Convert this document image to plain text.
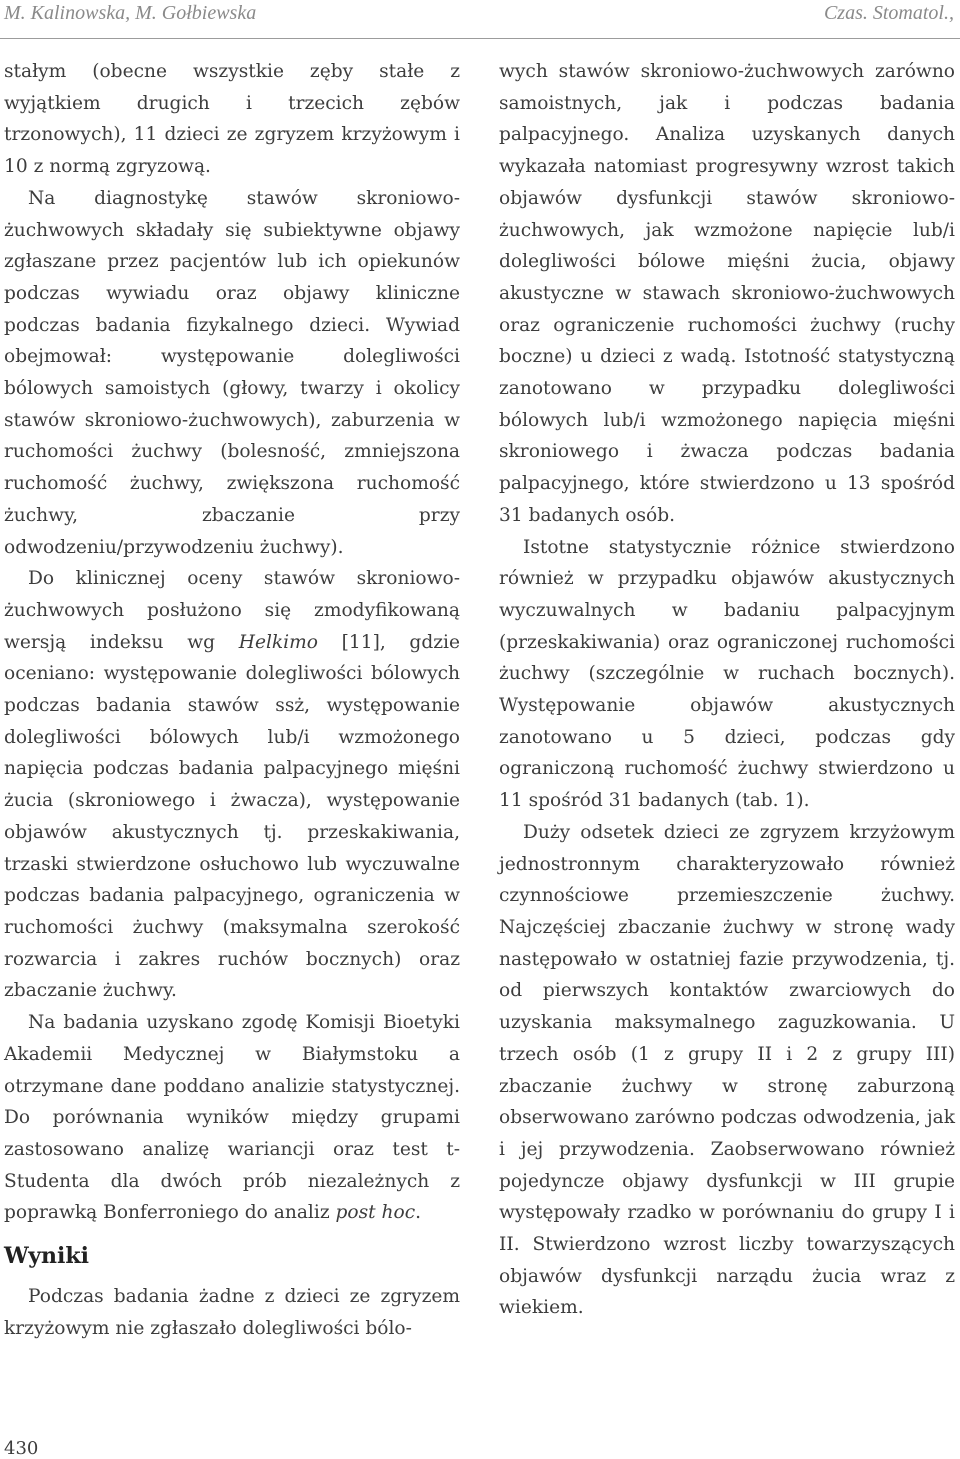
M. Kalinowska, M. Gołbiewska	Czas. Stomatol.,

stałym (obecne wszystkie zęby stałe z wyjątkiem drugich i trzecich zębów trzonowych), 11 dzieci ze zgryzem krzyżowym i 10 z normą zgryzową.

Na diagnostykę stawów skroniowo-żuchwowych składały się subiektywne objawy zgłaszane przez pacjentów lub ich opiekunów podczas wywiadu oraz objawy kliniczne podczas badania fizykalnego dzieci. Wywiad obejmował: występowanie dolegliwości bólowych samoistych (głowy, twarzy i okolicy stawów skroniowo-żuchwowych), zaburzenia w ruchomości żuchwy (bolesność, zmniejszona ruchomość żuchwy, zwiększona ruchomość żuchwy, zbaczanie przy odwodzeniu/przywodzeniu żuchwy).

Do klinicznej oceny stawów skroniowo-żuchwowych posłużono się zmodyfikowaną wersją indeksu wg Helkimo [11], gdzie oceniano: występowanie dolegliwości bólowych podczas badania stawów ssż, występowanie dolegliwości bólowych lub/i wzmożonego napięcia podczas badania palpacyjnego mięśni żucia (skroniowego i żwacza), występowanie objawów akustycznych tj. przeskakiwania, trzaski stwierdzone osłuchowo lub wyczuwalne podczas badania palpacyjnego, ograniczenia w ruchomości żuchwy (maksymalna szerokość rozwarcia i zakres ruchów bocznych) oraz zbaczanie żuchwy.

Na badania uzyskano zgodę Komisji Bioetyki Akademii Medycznej w Białymstoku a otrzymane dane poddano analizie statystycznej. Do porównania wyników między grupami zastosowano analizę wariancji oraz test t-Studenta dla dwóch prób niezależnych z poprawką Bonferroniego do analiz post hoc.

Wyniki

Podczas badania żadne z dzieci ze zgryzem krzyżowym nie zgłaszało dolegliwości bólo-

wych stawów skroniowo-żuchwowych zarówno samoistnych, jak i podczas badania palpacyjnego. Analiza uzyskanych danych wykazała natomiast progresywny wzrost takich objawów dysfunkcji stawów skroniowo-żuchwowych, jak wzmożone napięcie lub/i dolegliwości bólowe mięśni żucia, objawy akustyczne w stawach skroniowo-żuchwowych oraz ograniczenie ruchomości żuchwy (ruchy boczne) u dzieci z wadą. Istotność statystyczną zanotowano w przypadku dolegliwości bólowych lub/i wzmożonego napięcia mięśni skroniowego i żwacza podczas badania palpacyjnego, które stwierdzono u 13 spośród 31 badanych osób.

Istotne statystycznie różnice stwierdzono również w przypadku objawów akustycznych wyczuwalnych w badaniu palpacyjnym (przeskakiwania) oraz ograniczonej ruchomości żuchwy (szczególnie w ruchach bocznych). Występowanie objawów akustycznych zanotowano u 5 dzieci, podczas gdy ograniczoną ruchomość żuchwy stwierdzono u 11 spośród 31 badanych (tab. 1).

Duży odsetek dzieci ze zgryzem krzyżowym jednostronnym charakteryzowało również czynnościowe przemieszczenie żuchwy. Najczęściej zbaczanie żuchwy w stronę wady następowało w ostatniej fazie przywodzenia, tj. od pierwszych kontaktów zwarciowych do uzyskania maksymalnego zaguzkowania. U trzech osób (1 z grupy II i 2 z grupy III) zbaczanie żuchwy w stronę zaburzoną obserwowano zarówno podczas odwodzenia, jak i jej przywodzenia. Zaobserwowano również pojedyncze objawy dysfunkcji w III grupie występowały rzadko w porównaniu do grupy I i II. Stwierdzono wzrost liczby towarzyszących objawów dysfunkcji narządu żucia wraz z wiekiem.

430
